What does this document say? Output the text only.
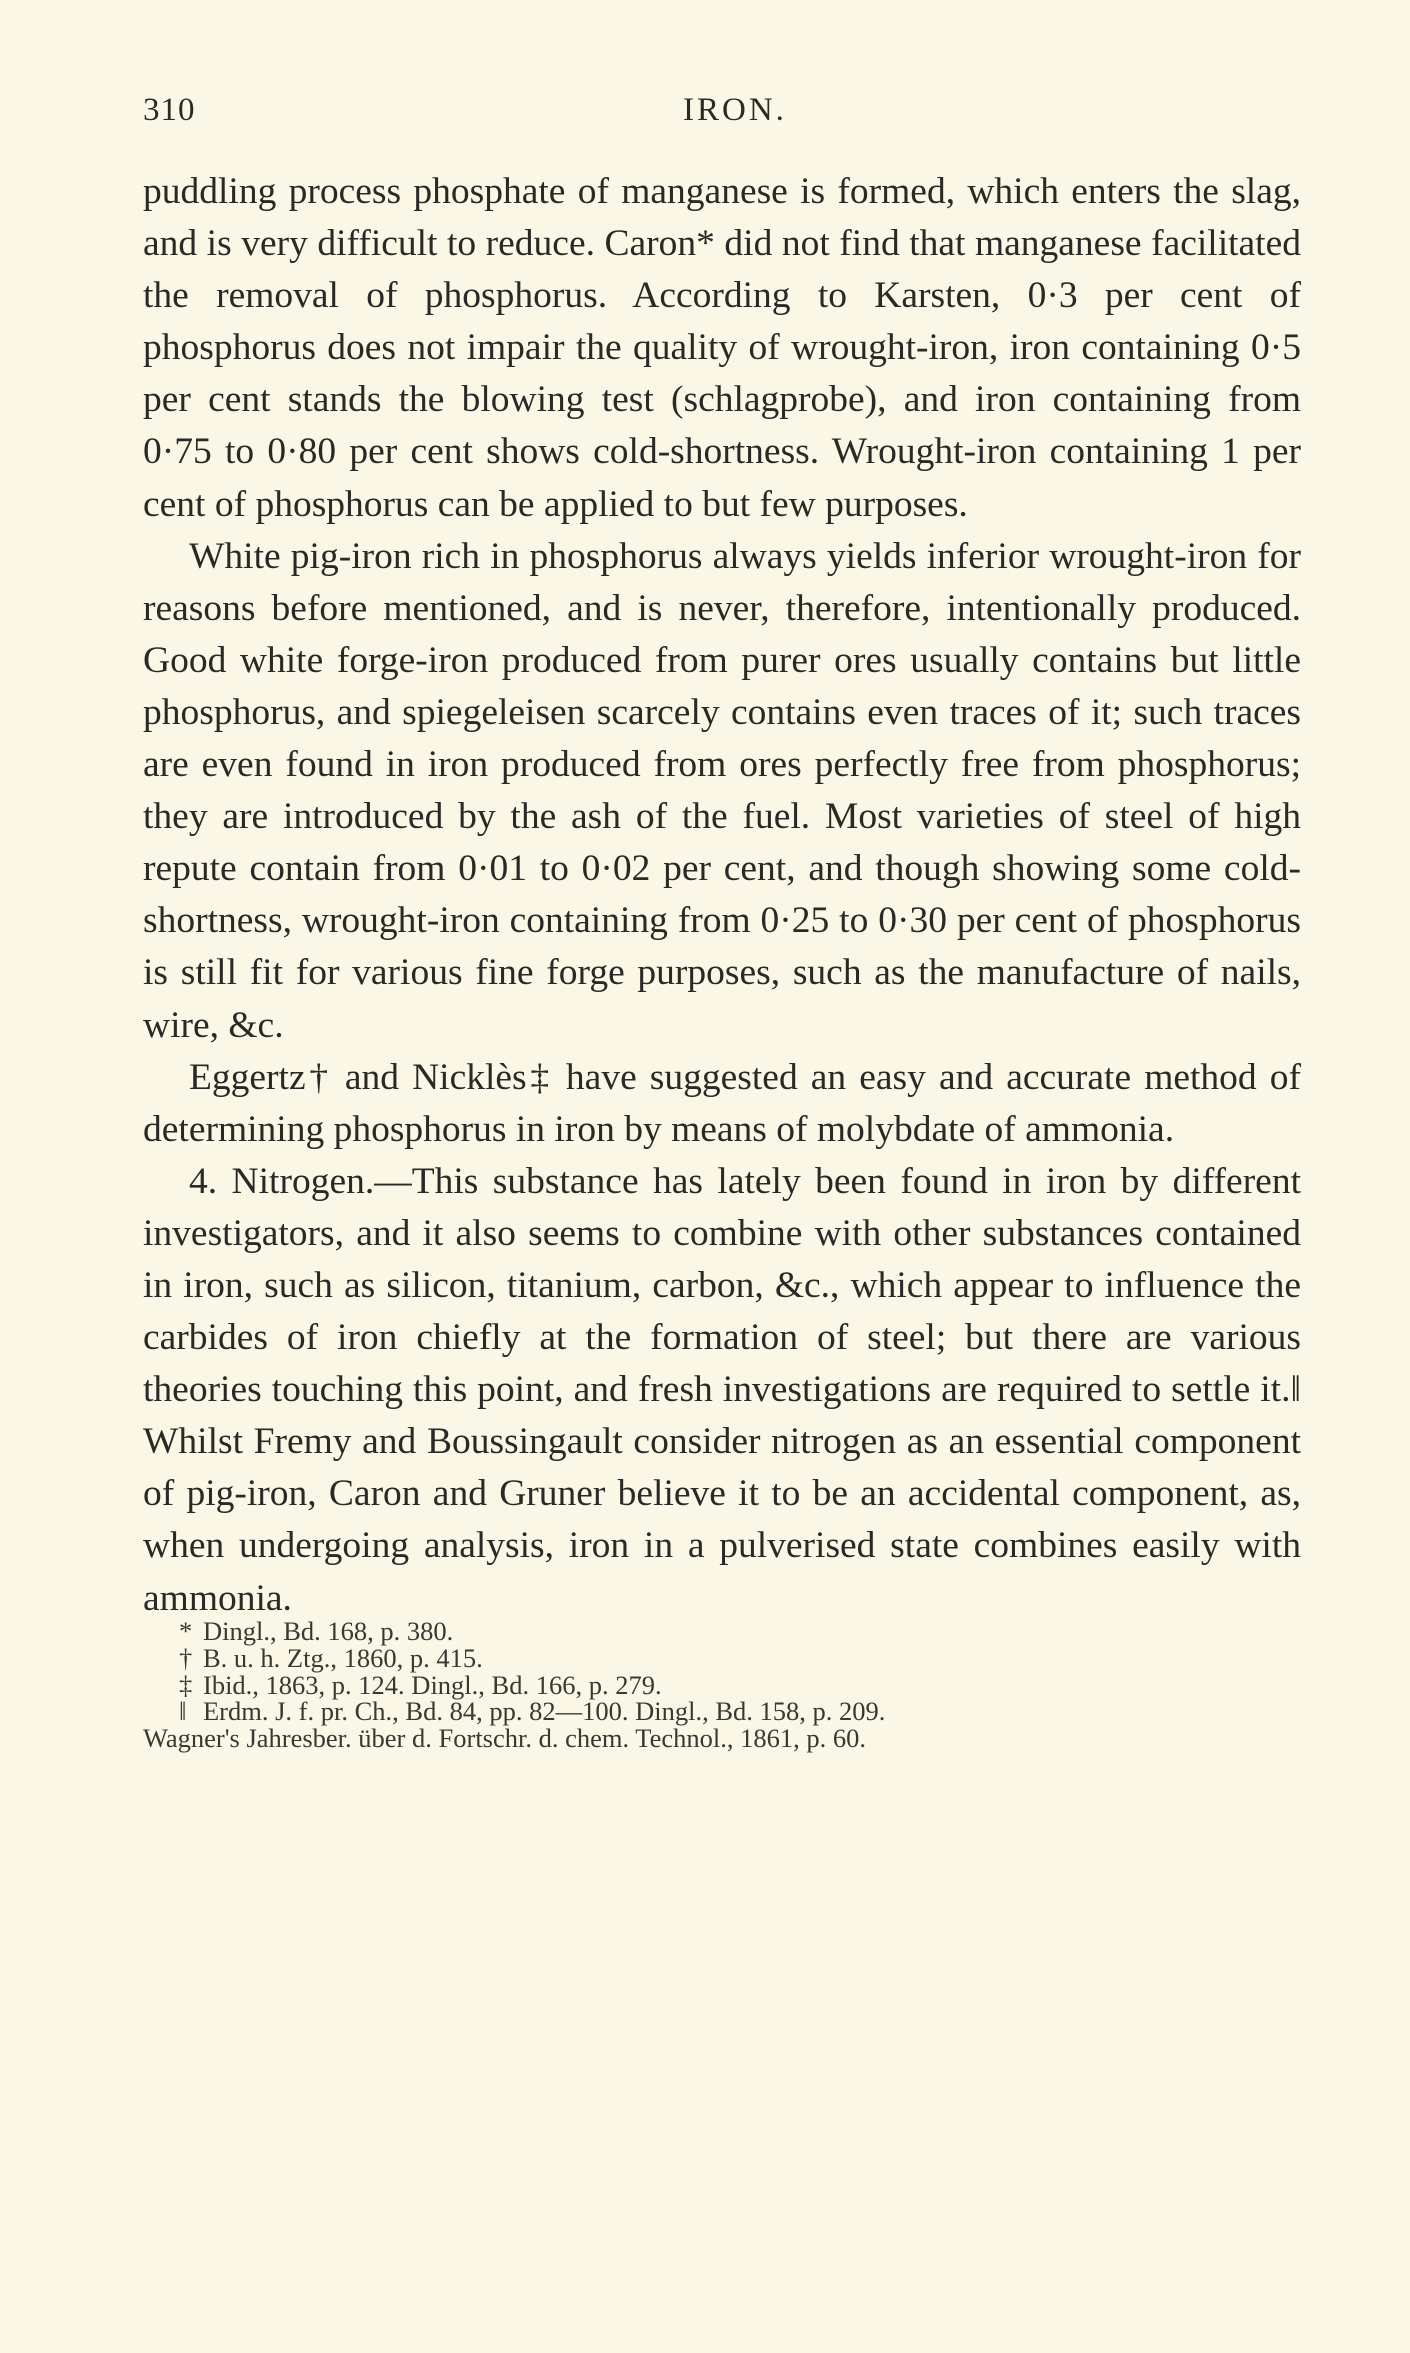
310	IRON.

puddling process phosphate of manganese is formed, which enters the slag, and is very difficult to reduce. Caron* did not find that manganese facilitated the removal of phosphorus. According to Karsten, 0·3 per cent of phosphorus does not impair the quality of wrought-iron, iron containing 0·5 per cent stands the blowing test (schlagprobe), and iron containing from 0·75 to 0·80 per cent shows cold-shortness. Wrought-iron containing 1 per cent of phosphorus can be applied to but few purposes.

White pig-iron rich in phosphorus always yields inferior wrought-iron for reasons before mentioned, and is never, therefore, intentionally produced. Good white forge-iron produced from purer ores usually contains but little phosphorus, and spiegeleisen scarcely contains even traces of it; such traces are even found in iron produced from ores perfectly free from phosphorus; they are introduced by the ash of the fuel. Most varieties of steel of high repute contain from 0·01 to 0·02 per cent, and though showing some cold-shortness, wrought-iron containing from 0·25 to 0·30 per cent of phosphorus is still fit for various fine forge purposes, such as the manufacture of nails, wire, &c.

Eggertz† and Nicklès‡ have suggested an easy and accurate method of determining phosphorus in iron by means of molybdate of ammonia.

4. Nitrogen.—This substance has lately been found in iron by different investigators, and it also seems to combine with other substances contained in iron, such as silicon, titanium, carbon, &c., which appear to influence the carbides of iron chiefly at the formation of steel; but there are various theories touching this point, and fresh investigations are required to settle it.‖ Whilst Fremy and Boussingault consider nitrogen as an essential component of pig-iron, Caron and Gruner believe it to be an accidental component, as, when undergoing analysis, iron in a pulverised state combines easily with ammonia.

* Dingl., Bd. 168, p. 380.
† B. u. h. Ztg., 1860, p. 415.
‡ Ibid., 1863, p. 124. Dingl., Bd. 166, p. 279.
‖ Erdm. J. f. pr. Ch., Bd. 84, pp. 82—100. Dingl., Bd. 158, p. 209.
Wagner's Jahresber. über d. Fortschr. d. chem. Technol., 1861, p. 60.
